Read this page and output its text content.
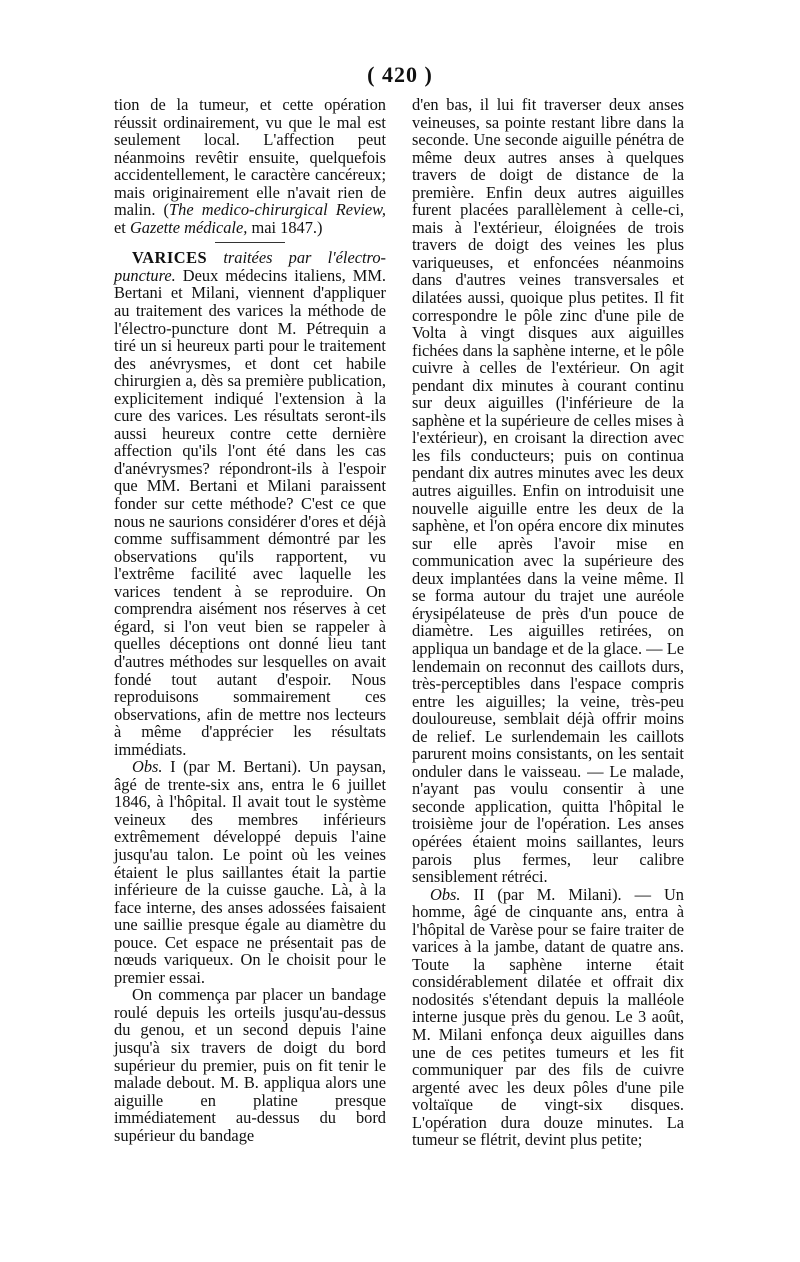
( 420 )

tion de la tumeur, et cette opération réussit ordinairement, vu que le mal est seulement local. L'affection peut néanmoins revêtir ensuite, quelquefois accidentellement, le caractère cancéreux; mais originairement elle n'avait rien de malin. (The medico-chirurgical Review, et Gazette médicale, mai 1847.)

VARICES traitées par l'électro-puncture. Deux médecins italiens, MM. Bertani et Milani, viennent d'appliquer au traitement des varices la méthode de l'électro-puncture dont M. Pétrequin a tiré un si heureux parti pour le traitement des anévrysmes, et dont cet habile chirurgien a, dès sa première publication, explicitement indiqué l'extension à la cure des varices. Les résultats seront-ils aussi heureux contre cette dernière affection qu'ils l'ont été dans les cas d'anévrysmes? répondront-ils à l'espoir que MM. Bertani et Milani paraissent fonder sur cette méthode? C'est ce que nous ne saurions considérer d'ores et déjà comme suffisamment démontré par les observations qu'ils rapportent, vu l'extrême facilité avec laquelle les varices tendent à se reproduire. On comprendra aisément nos réserves à cet égard, si l'on veut bien se rappeler à quelles déceptions ont donné lieu tant d'autres méthodes sur lesquelles on avait fondé tout autant d'espoir. Nous reproduisons sommairement ces observations, afin de mettre nos lecteurs à même d'apprécier les résultats immédiats.

Obs. I (par M. Bertani). Un paysan, âgé de trente-six ans, entra le 6 juillet 1846, à l'hôpital. Il avait tout le système veineux des membres inférieurs extrêmement développé depuis l'aine jusqu'au talon. Le point où les veines étaient le plus saillantes était la partie inférieure de la cuisse gauche. Là, à la face interne, des anses adossées faisaient une saillie presque égale au diamètre du pouce. Cet espace ne présentait pas de nœuds variqueux. On le choisit pour le premier essai.

On commença par placer un bandage roulé depuis les orteils jusqu'au-dessus du genou, et un second depuis l'aine jusqu'à six travers de doigt du bord supérieur du premier, puis on fit tenir le malade debout. M. B. appliqua alors une aiguille en platine presque immédiatement au-dessus du bord supérieur du bandage

d'en bas, il lui fit traverser deux anses veineuses, sa pointe restant libre dans la seconde. Une seconde aiguille pénétra de même deux autres anses à quelques travers de doigt de distance de la première. Enfin deux autres aiguilles furent placées parallèlement à celle-ci, mais à l'extérieur, éloignées de trois travers de doigt des veines les plus variqueuses, et enfoncées néanmoins dans d'autres veines transversales et dilatées aussi, quoique plus petites. Il fit correspondre le pôle zinc d'une pile de Volta à vingt disques aux aiguilles fichées dans la saphène interne, et le pôle cuivre à celles de l'extérieur. On agit pendant dix minutes à courant continu sur deux aiguilles (l'inférieure de la saphène et la supérieure de celles mises à l'extérieur), en croisant la direction avec les fils conducteurs; puis on continua pendant dix autres minutes avec les deux autres aiguilles. Enfin on introduisit une nouvelle aiguille entre les deux de la saphène, et l'on opéra encore dix minutes sur elle après l'avoir mise en communication avec la supérieure des deux implantées dans la veine même. Il se forma autour du trajet une auréole érysipélateuse de près d'un pouce de diamètre. Les aiguilles retirées, on appliqua un bandage et de la glace. — Le lendemain on reconnut des caillots durs, très-perceptibles dans l'espace compris entre les aiguilles; la veine, très-peu douloureuse, semblait déjà offrir moins de relief. Le surlendemain les caillots parurent moins consistants, on les sentait onduler dans le vaisseau. — Le malade, n'ayant pas voulu consentir à une seconde application, quitta l'hôpital le troisième jour de l'opération. Les anses opérées étaient moins saillantes, leurs parois plus fermes, leur calibre sensiblement rétréci.

Obs. II (par M. Milani). — Un homme, âgé de cinquante ans, entra à l'hôpital de Varèse pour se faire traiter de varices à la jambe, datant de quatre ans. Toute la saphène interne était considérablement dilatée et offrait dix nodosités s'étendant depuis la malléole interne jusque près du genou. Le 3 août, M. Milani enfonça deux aiguilles dans une de ces petites tumeurs et les fit communiquer par des fils de cuivre argenté avec les deux pôles d'une pile voltaïque de vingt-six disques. L'opération dura douze minutes. La tumeur se flétrit, devint plus petite;
